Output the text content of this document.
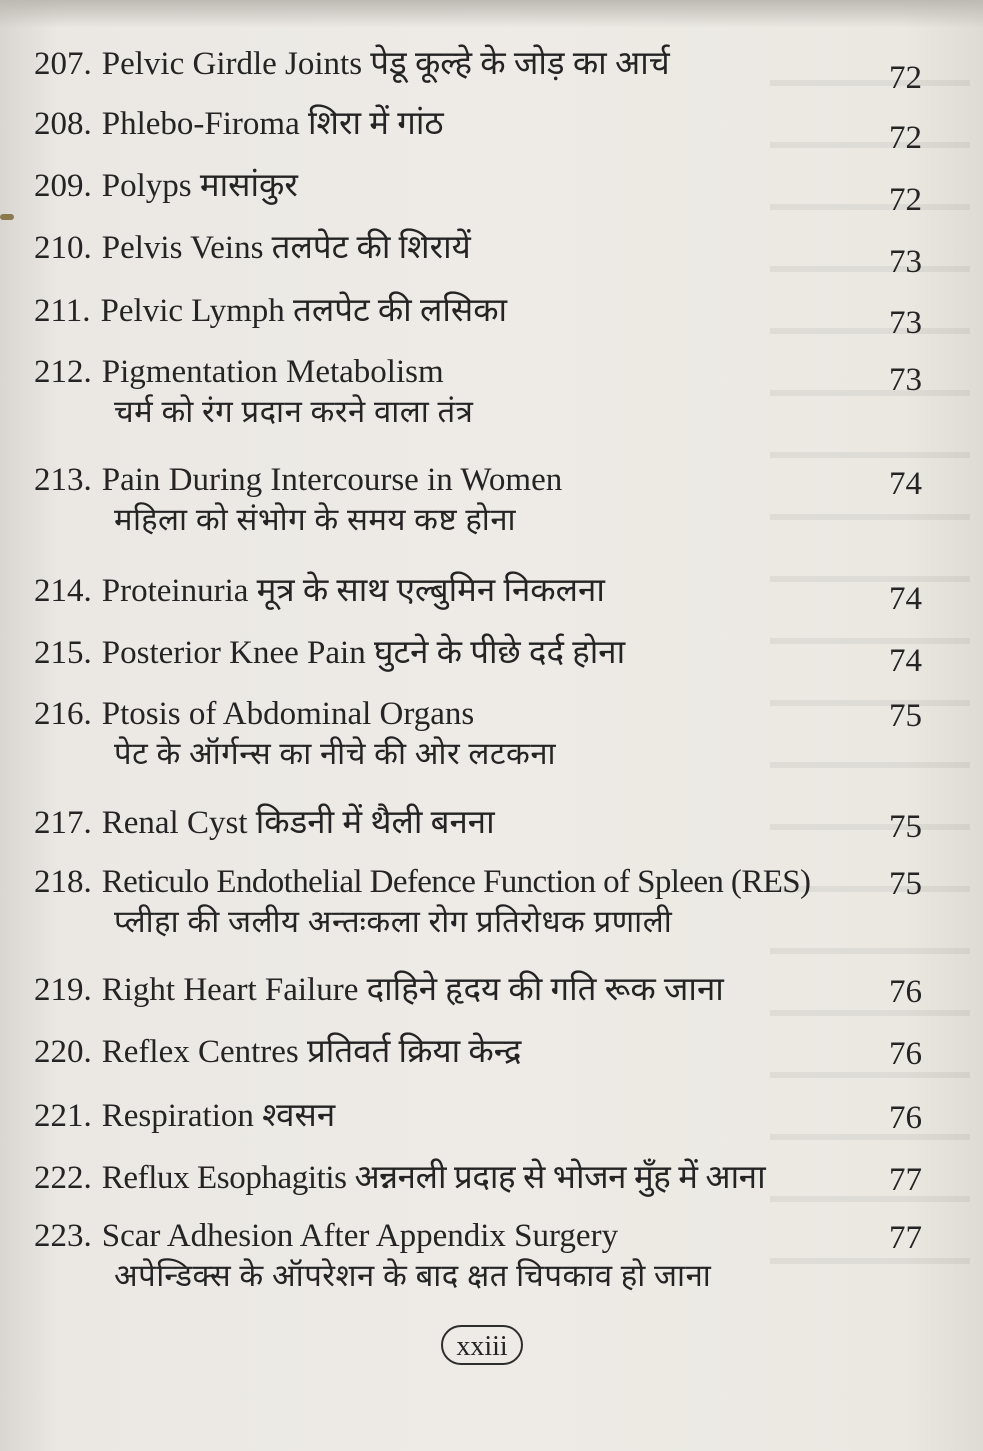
207. Pelvic Girdle Joints पेडू कूल्हे के जोड़ का आर्च	72
208. Phlebo-Firoma शिरा में गांठ	72
209. Polyps मासांकुर	72
210. Pelvis Veins तलपेट की शिरायें	73
211. Pelvic Lymph तलपेट की लसिका	73
212. Pigmentation Metabolism	73
चर्म को रंग प्रदान करने वाला तंत्र
213. Pain During Intercourse in Women	74
महिला को संभोग के समय कष्ट होना
214. Proteinuria मूत्र के साथ एल्बुमिन निकलना	74
215. Posterior Knee Pain घुटने के पीछे दर्द होना	74
216. Ptosis of Abdominal Organs	75
पेट के ऑर्गन्स का नीचे की ओर लटकना
217. Renal Cyst किडनी में थैली बनना	75
218. Reticulo Endothelial Defence Function of Spleen (RES) 75
प्लीहा की जलीय अन्तःकला रोग प्रतिरोधक प्रणाली
219. Right Heart Failure दाहिने हृदय की गति रूक जाना	76
220. Reflex Centres प्रतिवर्त क्रिया केन्द्र	76
221. Respiration श्वसन	76
222. Reflux Esophagitis अन्ननली प्रदाह से भोजन मुँह में आना	77
223. Scar Adhesion After Appendix Surgery	77
अपेन्डिक्स के ऑपरेशन के बाद क्षत चिपकाव हो जाना
xxiii
